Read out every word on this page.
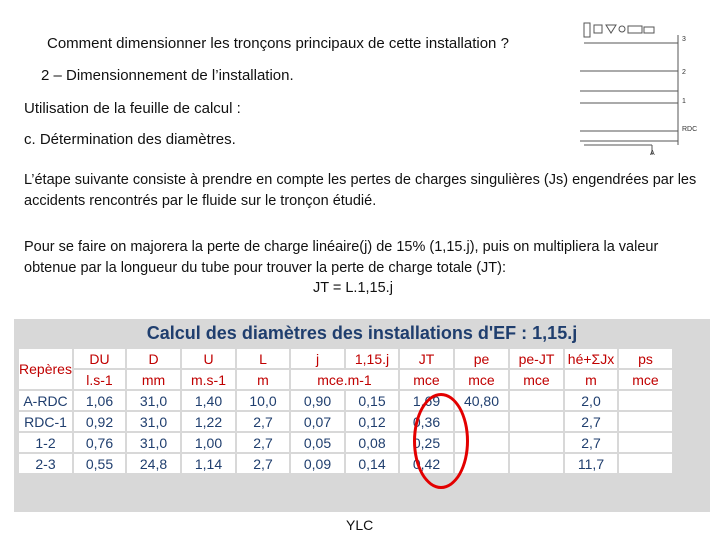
Comment dimensionner les tronçons principaux de cette installation ?
2 – Dimensionnement de l’installation.
Utilisation de la feuille de calcul :
c. Détermination des diamètres.
3
2
1
RDC
A
L’étape suivante consiste à prendre en compte les pertes de charges singulières (Js) engendrées par les accidents rencontrés par le fluide sur le tronçon étudié.
Pour se faire on majorera la perte de charge linéaire(j) de 15% (1,15.j), puis on multipliera la valeur obtenue par la longueur du tube pour trouver la perte de charge totale (JT):
JT = L.1,15.j
Calcul des diamètres des installations d'EF : 1,15.j
Repères	DU	D	U	L	j	1,15.j	JT	pe	pe-JT	hé+ΣJx	ps
	l.s-1	mm	m.s-1	m	mce.m-1		mce	mce	mce	m	mce
A-RDC	1,06	31,0	1,40	10,0	0,90	0,15	1,69	40,80		2,0	
RDC-1	0,92	31,0	1,22	2,7	0,07	0,12	0,36			2,7	
1-2	0,76	31,0	1,00	2,7	0,05	0,08	0,25			2,7	
2-3	0,55	24,8	1,14	2,7	0,09	0,14	0,42			11,7	
YLC
